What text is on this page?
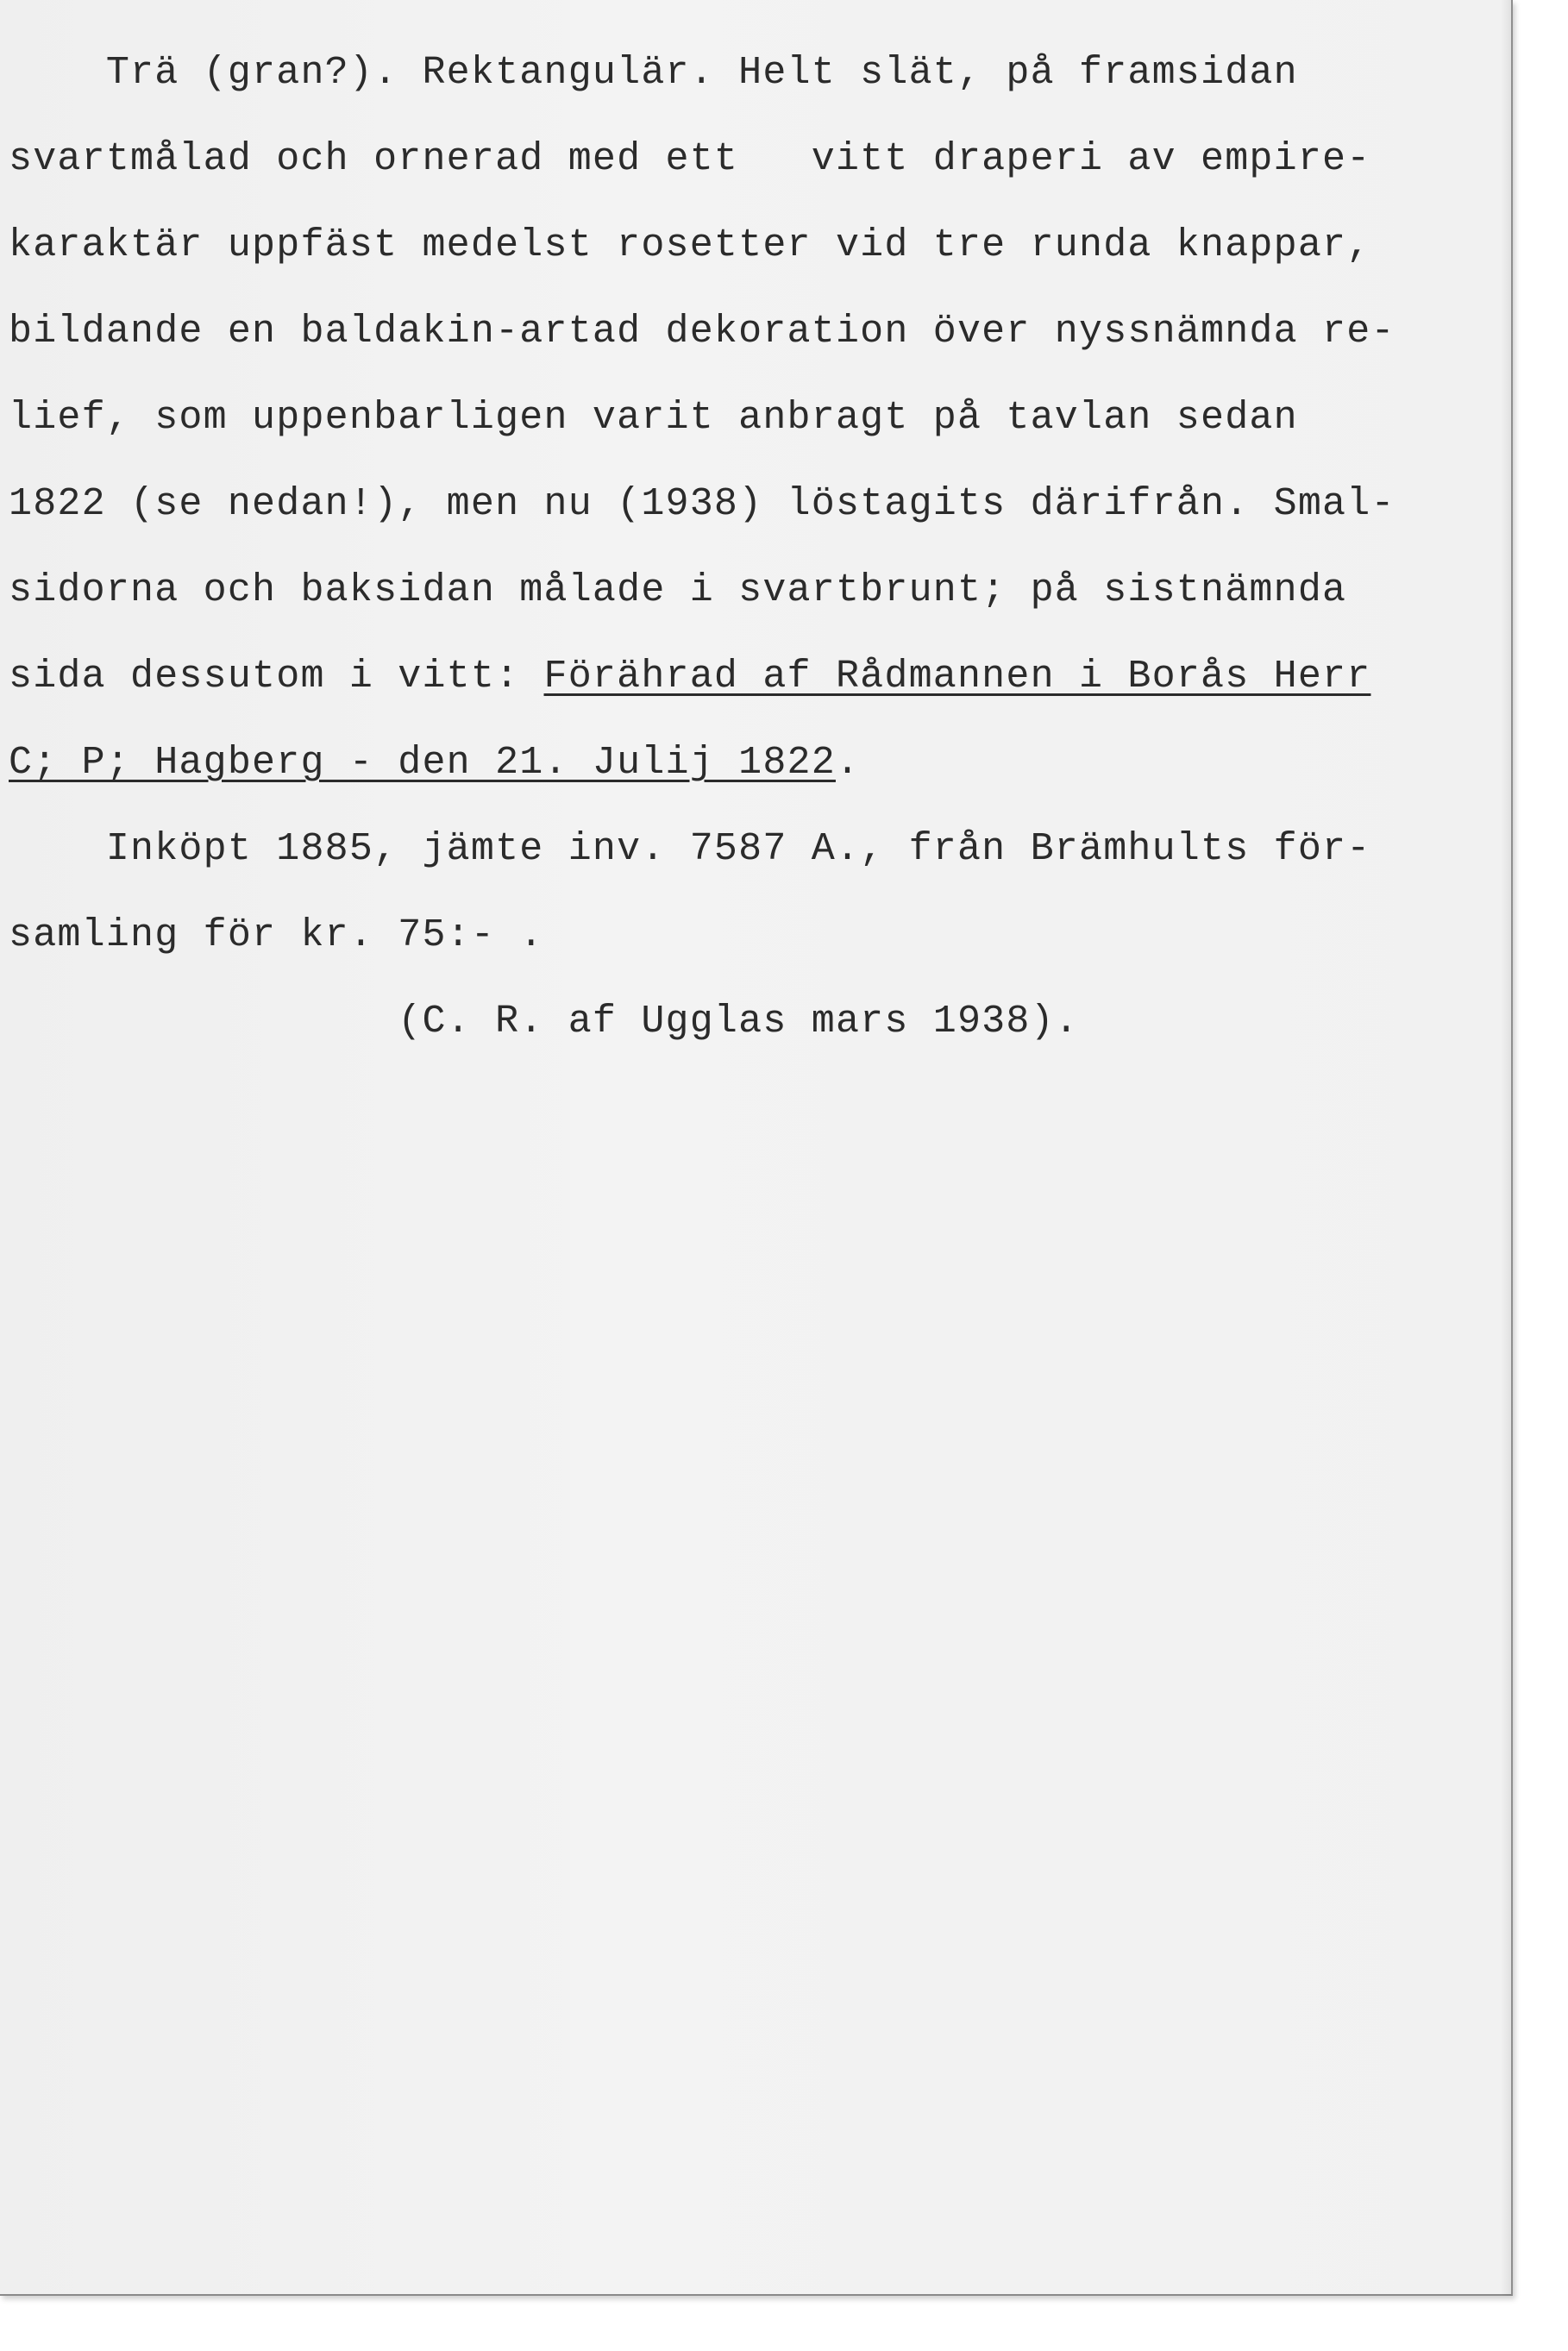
Trä (gran?). Rektangulär. Helt slät, på framsidan
svartmålad och ornerad med ett   vitt draperi av empire-
karaktär uppfäst medelst rosetter vid tre runda knappar,
bildande en baldakin-artad dekoration över nyssnämnda re-
lief, som uppenbarligen varit anbragt på tavlan sedan
1822 (se nedan!), men nu (1938) löstagits därifrån. Smal-
sidorna och baksidan målade i svartbrunt; på sistnämnda
sida dessutom i vitt: Förährad af Rådmannen i Borås Herr
C; P; Hagberg - den 21. Julij 1822.
Inköpt 1885, jämte inv. 7587 A., från Brämhults för-
samling för kr. 75:- .
(C. R. af Ugglas mars 1938).
